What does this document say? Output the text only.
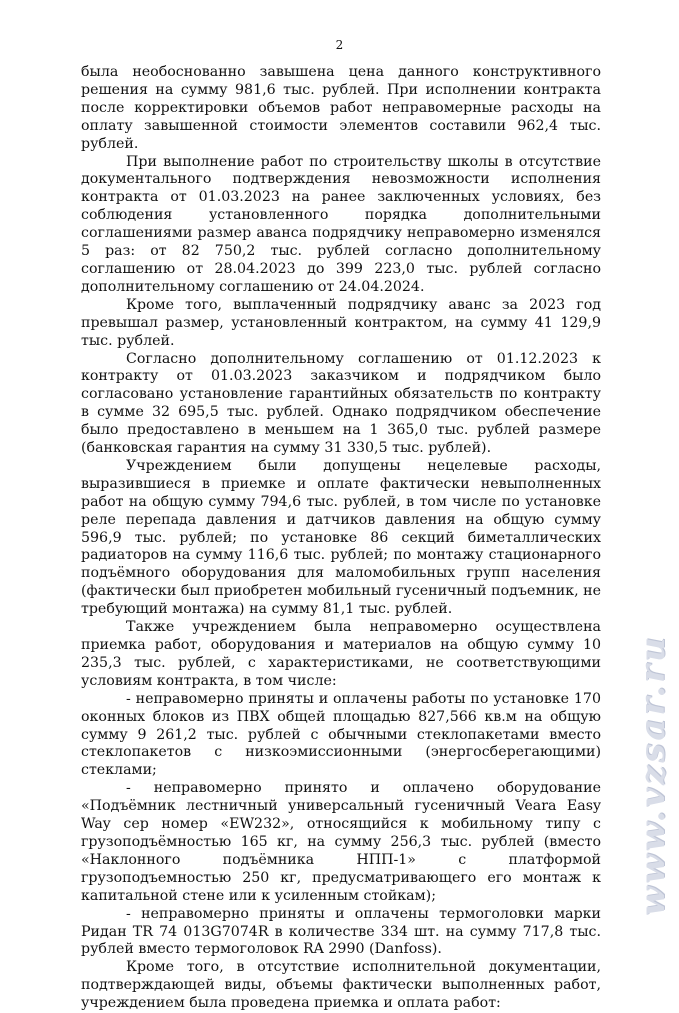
2

была необоснованно завышена цена данного конструктивного решения на сумму 981,6 тыс. рублей. При исполнении контракта после корректировки объемов работ неправомерные расходы на оплату завышенной стоимости элементов составили 962,4 тыс. рублей.

При выполнение работ по строительству школы в отсутствие документального подтверждения невозможности исполнения контракта от 01.03.2023 на ранее заключенных условиях, без соблюдения установленного порядка дополнительными соглашениями размер аванса подрядчику неправомерно изменялся 5 раз: от 82 750,2 тыс. рублей согласно дополнительному соглашению от 28.04.2023 до 399 223,0 тыс. рублей согласно дополнительному соглашению от 24.04.2024.

Кроме того, выплаченный подрядчику аванс за 2023 год превышал размер, установленный контрактом, на сумму 41 129,9 тыс. рублей.

Согласно дополнительному соглашению от 01.12.2023 к контракту от 01.03.2023 заказчиком и подрядчиком было согласовано установление гарантийных обязательств по контракту в сумме 32 695,5 тыс. рублей. Однако подрядчиком обеспечение было предоставлено в меньшем на 1 365,0 тыс. рублей размере (банковская гарантия на сумму 31 330,5 тыс. рублей).

Учреждением были допущены нецелевые расходы, выразившиеся в приемке и оплате фактически невыполненных работ на общую сумму 794,6 тыс. рублей, в том числе по установке реле перепада давления и датчиков давления на общую сумму 596,9 тыс. рублей; по установке 86 секций биметаллических радиаторов на сумму 116,6 тыс. рублей; по монтажу стационарного подъёмного оборудования для маломобильных групп населения (фактически был приобретен мобильный гусеничный подъемник, не требующий монтажа) на сумму 81,1 тыс. рублей.

Также учреждением была неправомерно осуществлена приемка работ, оборудования и материалов на общую сумму 10 235,3 тыс. рублей, с характеристиками, не соответствующими условиям контракта, в том числе:

- неправомерно приняты и оплачены работы по установке 170 оконных блоков из ПВХ общей площадью 827,566 кв.м на общую сумму 9 261,2 тыс. рублей с обычными стеклопакетами вместо стеклопакетов с низкоэмиссионными (энергосберегающими) стеклами;

- неправомерно принято и оплачено оборудование «Подъёмник лестничный универсальный гусеничный Veara Easy Way сер номер «EW232», относящийся к мобильному типу с грузоподъёмностью 165 кг, на сумму 256,3 тыс. рублей (вместо «Наклонного подъёмника НПП-1» с платформой грузоподъемностью 250 кг, предусматривающего его монтаж к капитальной стене или к усиленным стойкам);

- неправомерно приняты и оплачены термоголовки марки Ридан TR 74 013G7074R в количестве 334 шт. на сумму 717,8 тыс. рублей вместо термоголовок RA 2990 (Danfoss).

Кроме того, в отсутствие исполнительной документации, подтверждающей виды, объемы фактически выполненных работ, учреждением была проведена приемка и оплата работ:

www.vzsar.ru
